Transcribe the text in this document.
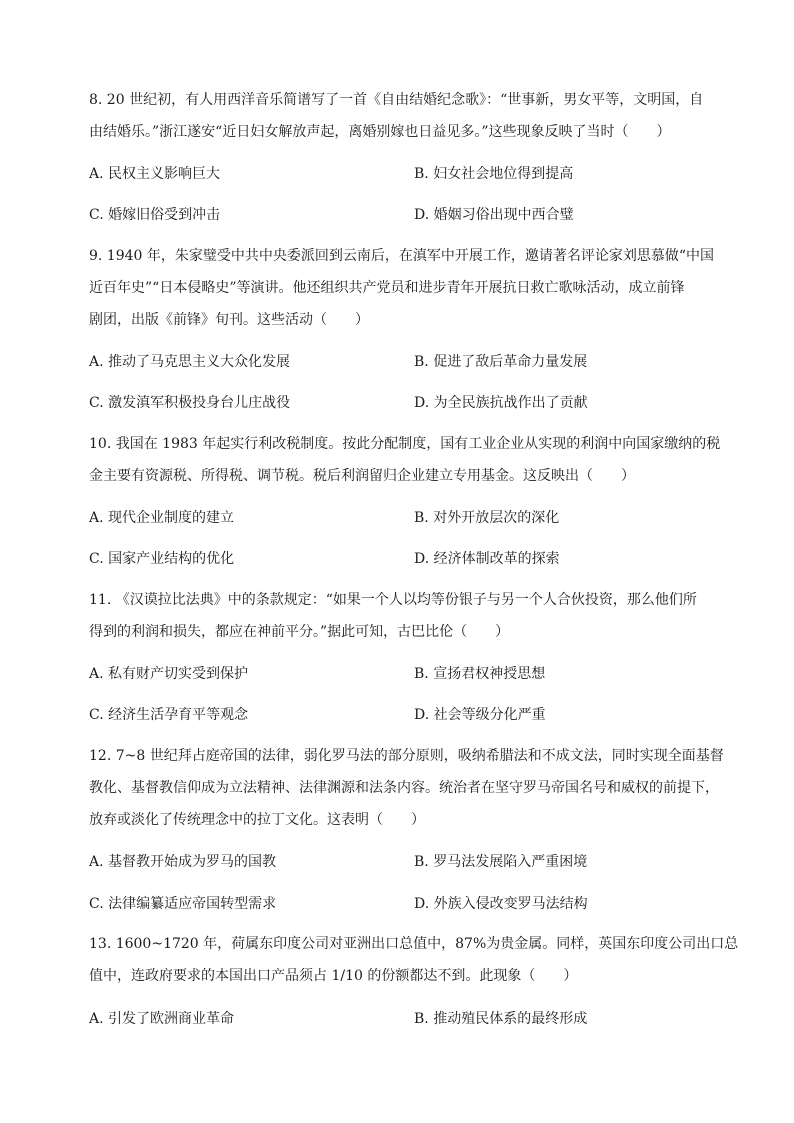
8. 20 世纪初，有人用西洋音乐简谱写了一首《自由结婚纪念歌》：“世事新，男女平等，文明国，自
由结婚乐。”浙江遂安“近日妇女解放声起，离婚别嫁也日益见多。”这些现象反映了当时（　　）
A. 民权主义影响巨大	B. 妇女社会地位得到提高
C. 婚嫁旧俗受到冲击	D. 婚姻习俗出现中西合璧
9. 1940 年，朱家璧受中共中央委派回到云南后，在滇军中开展工作，邀请著名评论家刘思慕做“中国
近百年史”“日本侵略史”等演讲。他还组织共产党员和进步青年开展抗日救亡歌咏活动，成立前锋
剧团，出版《前锋》旬刊。这些活动（　　）
A. 推动了马克思主义大众化发展	B. 促进了敌后革命力量发展
C. 激发滇军积极投身台儿庄战役	D. 为全民族抗战作出了贡献
10. 我国在 1983 年起实行利改税制度。按此分配制度，国有工业企业从实现的利润中向国家缴纳的税
金主要有资源税、所得税、调节税。税后利润留归企业建立专用基金。这反映出（　　）
A. 现代企业制度的建立	B. 对外开放层次的深化
C. 国家产业结构的优化	D. 经济体制改革的探索
11. 《汉谟拉比法典》中的条款规定：“如果一个人以均等份银子与另一个人合伙投资，那么他们所
得到的利润和损失，都应在神前平分。”据此可知，古巴比伦（　　）
A. 私有财产切实受到保护	B. 宣扬君权神授思想
C. 经济生活孕育平等观念	D. 社会等级分化严重
12. 7~8 世纪拜占庭帝国的法律，弱化罗马法的部分原则，吸纳希腊法和不成文法，同时实现全面基督
教化、基督教信仰成为立法精神、法律渊源和法条内容。统治者在坚守罗马帝国名号和威权的前提下，
放弃或淡化了传统理念中的拉丁文化。这表明（　　）
A. 基督教开始成为罗马的国教	B. 罗马法发展陷入严重困境
C. 法律编纂适应帝国转型需求	D. 外族入侵改变罗马法结构
13. 1600~1720 年，荷属东印度公司对亚洲出口总值中，87%为贵金属。同样，英国东印度公司出口总
值中，连政府要求的本国出口产品须占 1/10 的份额都达不到。此现象（　　）
A. 引发了欧洲商业革命	B. 推动殖民体系的最终形成
